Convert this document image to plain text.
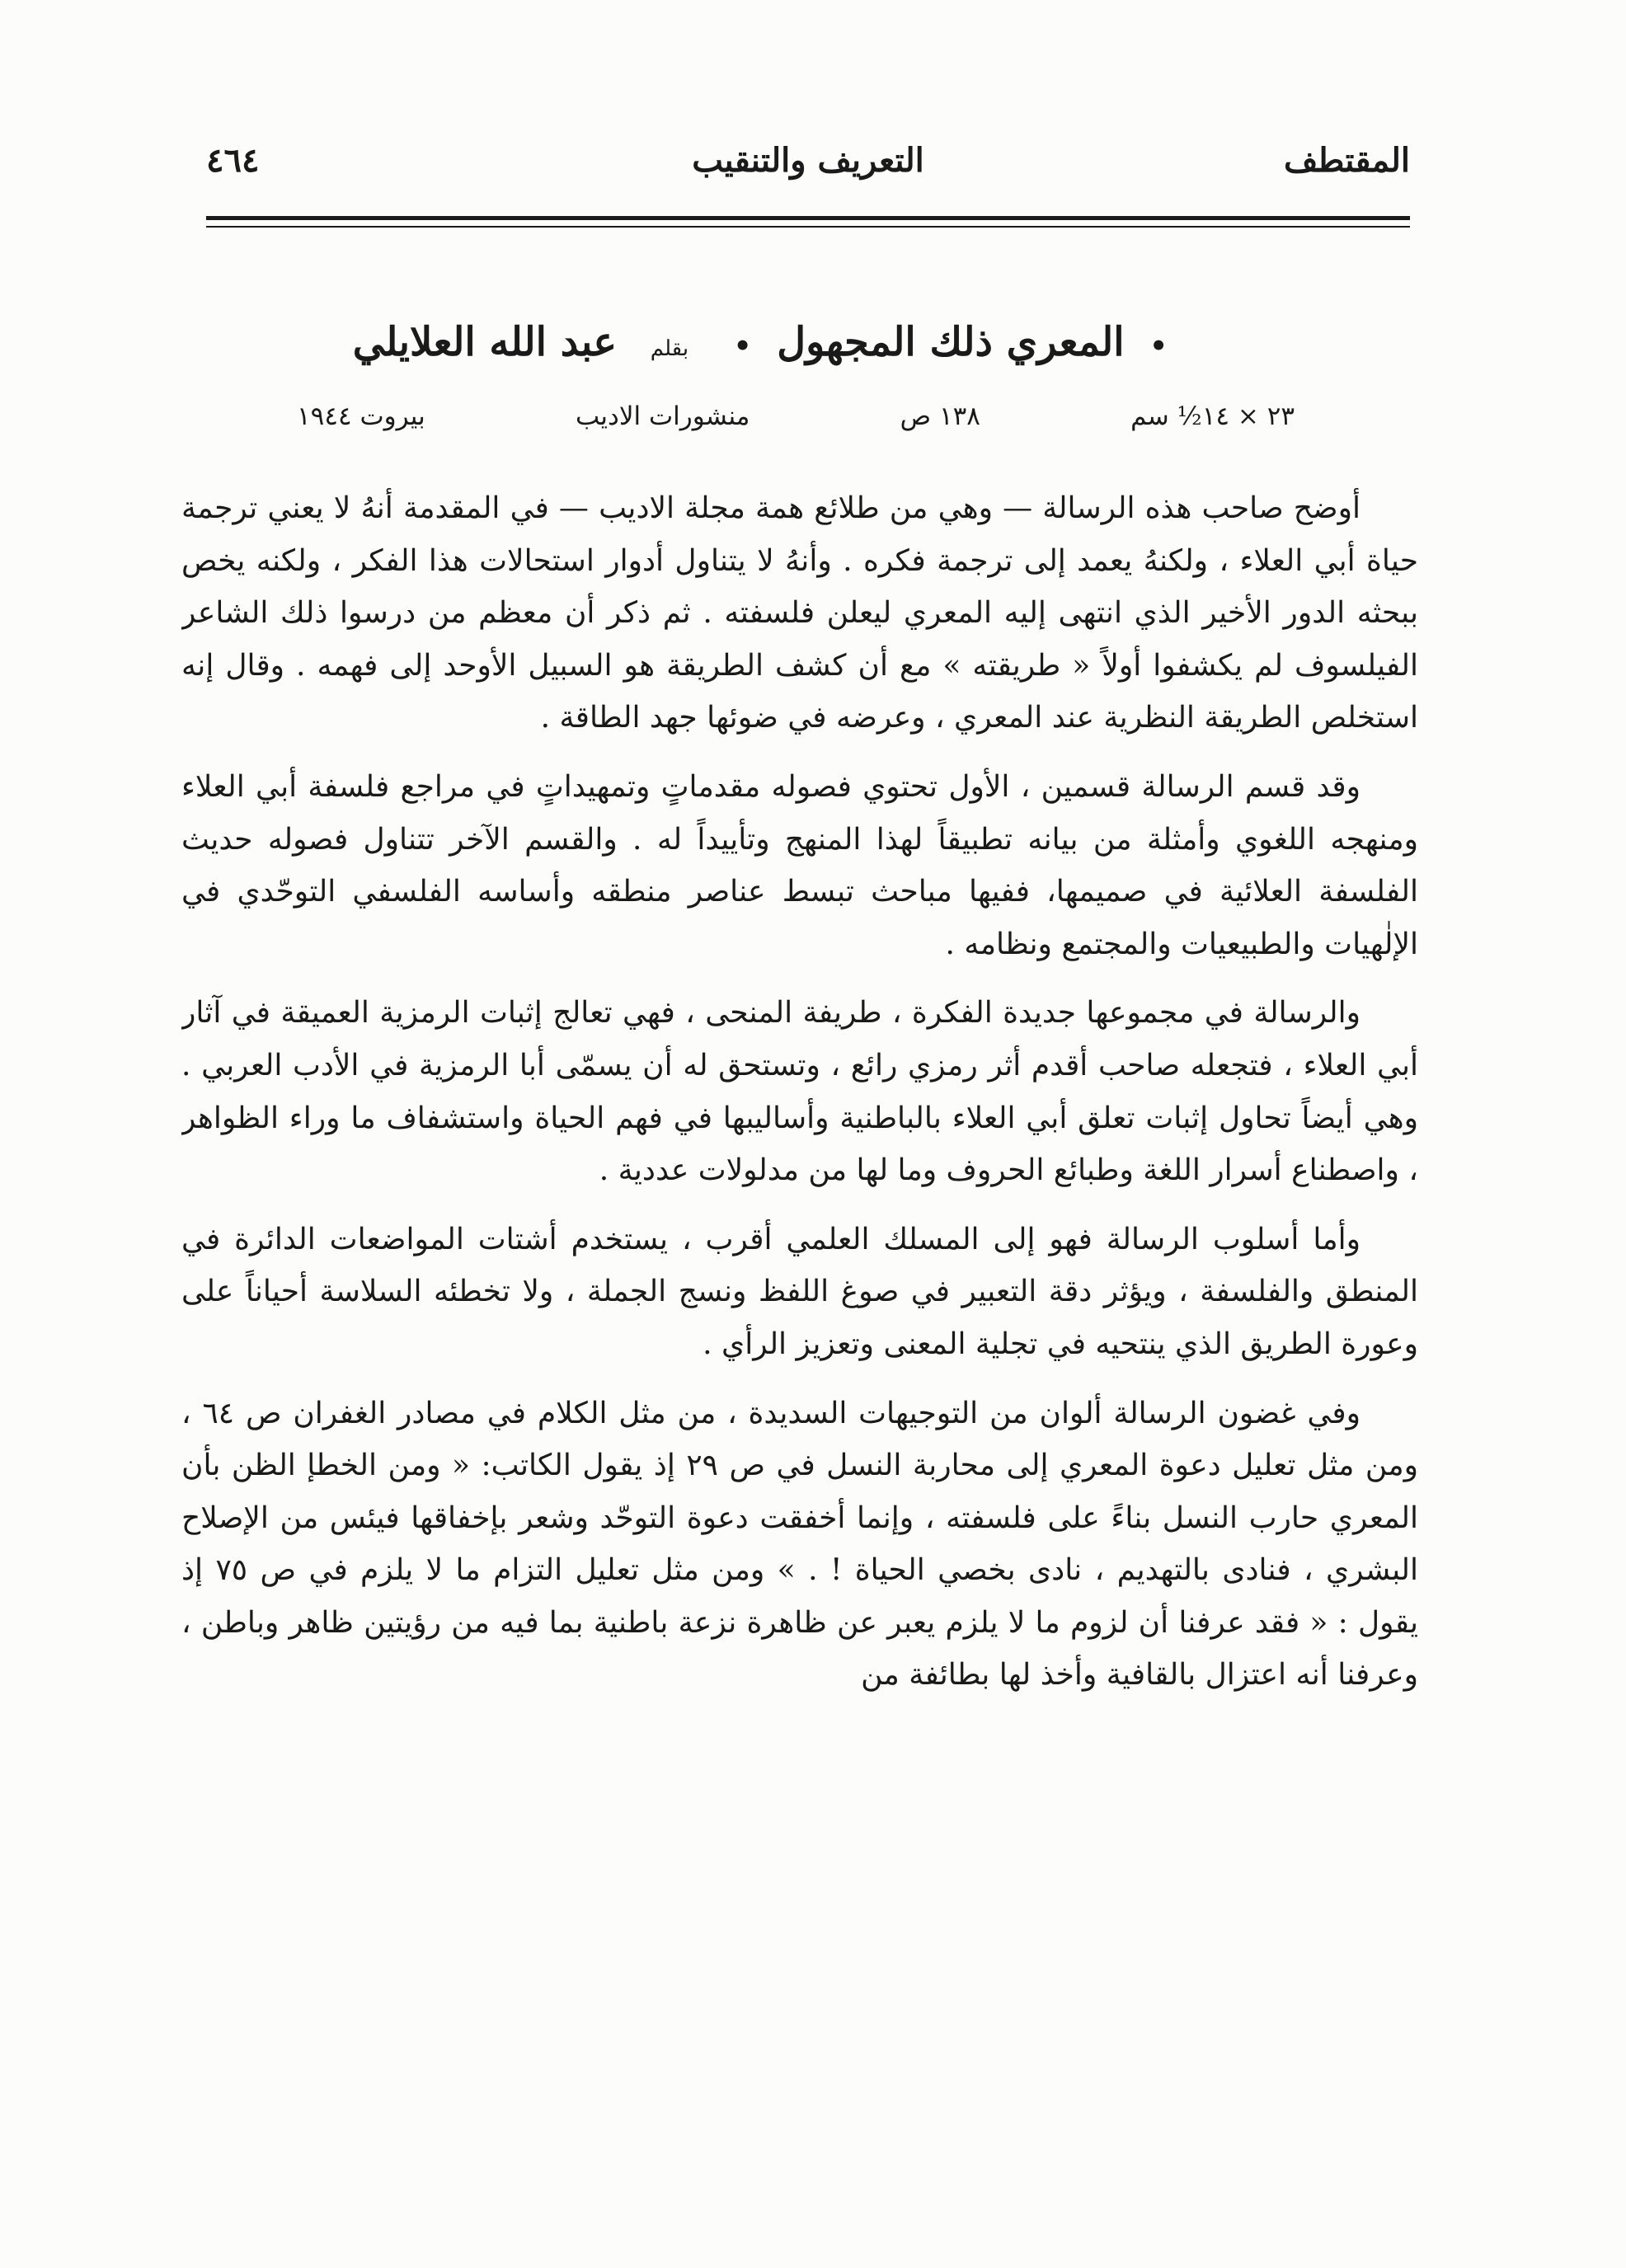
المقتطف
التعريف والتنقيب
٤٦٤
• المعري ذلك المجهول • بقلم عبد الله العلايلي
٢٣ × ١٤½ سم
١٣٨ ص
منشورات الاديب
بيروت ١٩٤٤

أوضح صاحب هذه الرسالة — وهي من طلائع همة مجلة الاديب — في المقدمة أنهُ لا يعني ترجمة حياة أبي العلاء ، ولكنهُ يعمد إلى ترجمة فكره . وأنهُ لا يتناول أدوار استحالات هذا الفكر ، ولكنه يخص ببحثه الدور الأخير الذي انتهى إليه المعري ليعلن فلسفته . ثم ذكر أن معظم من درسوا ذلك الشاعر الفيلسوف لم يكشفوا أولاً « طريقته » مع أن كشف الطريقة هو السبيل الأوحد إلى فهمه . وقال إنه استخلص الطريقة النظرية عند المعري ، وعرضه في ضوئها جهد الطاقة .

وقد قسم الرسالة قسمين ، الأول تحتوي فصوله مقدماتٍ وتمهيداتٍ في مراجع فلسفة أبي العلاء ومنهجه اللغوي وأمثلة من بيانه تطبيقاً لهذا المنهج وتأييداً له . والقسم الآخر تتناول فصوله حديث الفلسفة العلائية في صميمها، ففيها مباحث تبسط عناصر منطقه وأساسه الفلسفي التوحّدي في الإلٰهيات والطبيعيات والمجتمع ونظامه .

والرسالة في مجموعها جديدة الفكرة ، طريفة المنحى ، فهي تعالج إثبات الرمزية العميقة في آثار أبي العلاء ، فتجعله صاحب أقدم أثر رمزي رائع ، وتستحق له أن يسمّى أبا الرمزية في الأدب العربي . وهي أيضاً تحاول إثبات تعلق أبي العلاء بالباطنية وأساليبها في فهم الحياة واستشفاف ما وراء الظواهر ، واصطناع أسرار اللغة وطبائع الحروف وما لها من مدلولات عددية .

وأما أسلوب الرسالة فهو إلى المسلك العلمي أقرب ، يستخدم أشتات المواضعات الدائرة في المنطق والفلسفة ، ويؤثر دقة التعبير في صوغ اللفظ ونسج الجملة ، ولا تخطئه السلاسة أحياناً على وعورة الطريق الذي ينتحيه في تجلية المعنى وتعزيز الرأي .

وفي غضون الرسالة ألوان من التوجيهات السديدة ، من مثل الكلام في مصادر الغفران ص ٦٤ ، ومن مثل تعليل دعوة المعري إلى محاربة النسل في ص ٢٩ إذ يقول الكاتب: « ومن الخطإ الظن بأن المعري حارب النسل بناءً على فلسفته ، وإنما أخفقت دعوة التوحّد وشعر بإخفاقها فيئس من الإصلاح البشري ، فنادى بالتهديم ، نادى بخصي الحياة ! . » ومن مثل تعليل التزام ما لا يلزم في ص ٧٥ إذ يقول : « فقد عرفنا أن لزوم ما لا يلزم يعبر عن ظاهرة نزعة باطنية بما فيه من رؤيتين ظاهر وباطن ، وعرفنا أنه اعتزال بالقافية وأخذ لها بطائفة من
